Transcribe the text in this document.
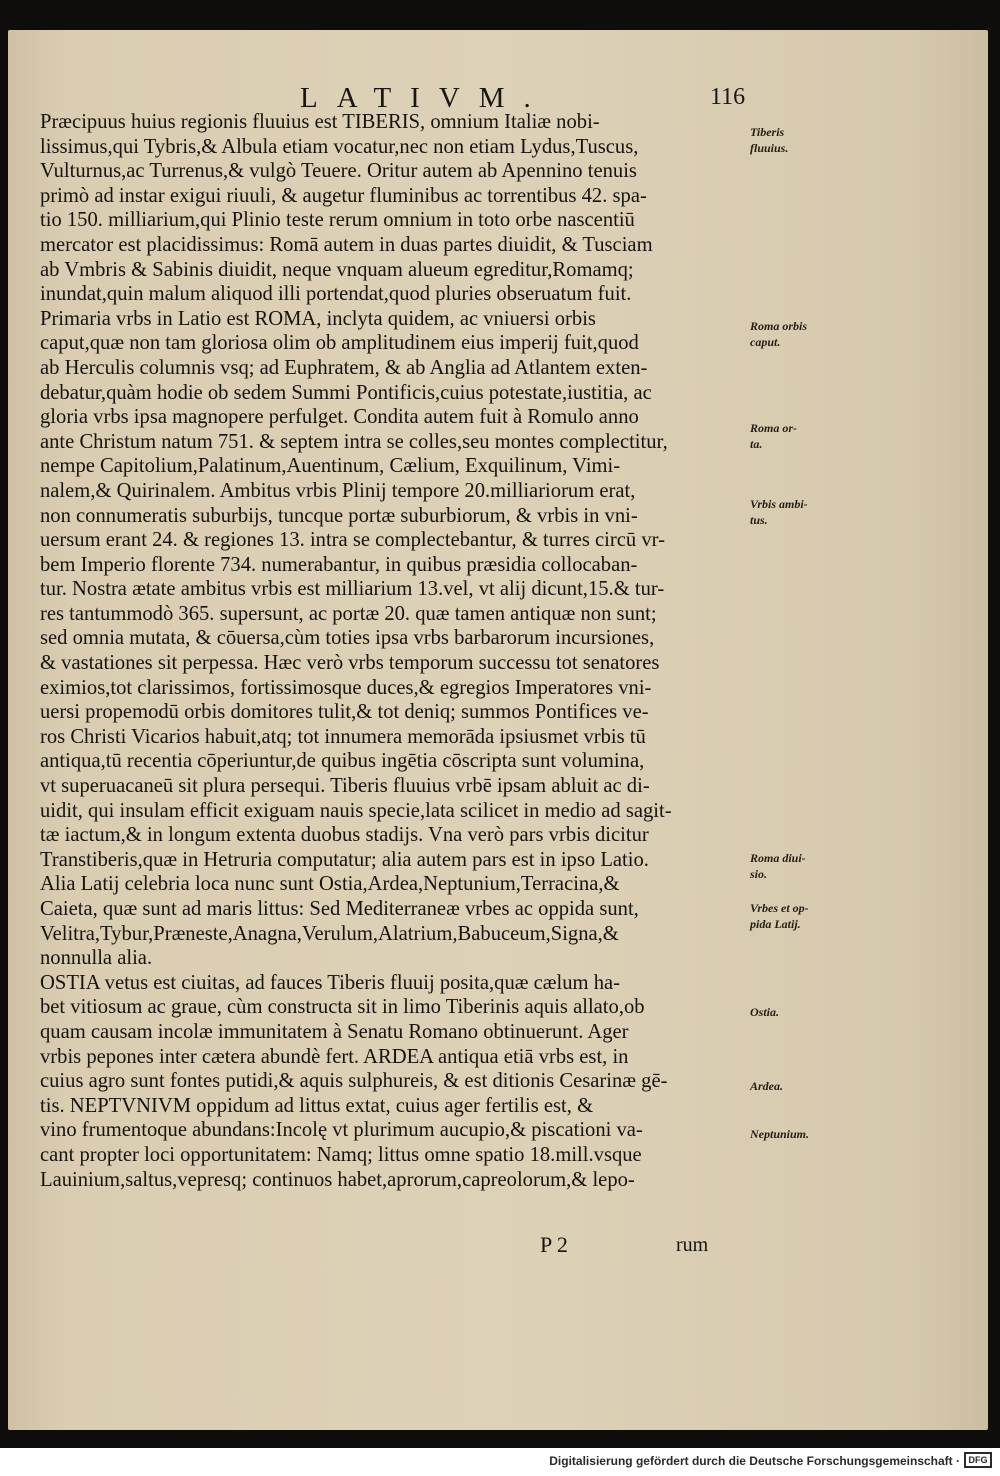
LATIVM.	116
Præcipuus huius regionis fluuius est TIBERIS, omnium Italiæ nobi-
lissimus,qui Tybris,& Albula etiam vocatur,nec non etiam Lydus,Tuscus,
Vulturnus,ac Turrenus,& vulgò Teuere. Oritur autem ab Apennino tenuis
primò ad instar exigui riuuli, & augetur fluminibus ac torrentibus 42. spa-
tio 150. milliarium,qui Plinio teste rerum omnium in toto orbe nascentiū
mercator est placidissimus: Romā autem in duas partes diuidit, & Tusciam
ab Vmbris & Sabinis diuidit, neque vnquam alueum egreditur,Romamq;
inundat,quin malum aliquod illi portendat,quod pluries obseruatum fuit.
Primaria vrbs in Latio est ROMA, inclyta quidem, ac vniuersi orbis
caput,quæ non tam gloriosa olim ob amplitudinem eius imperij fuit,quod
ab Herculis columnis vsq; ad Euphratem, & ab Anglia ad Atlantem exten-
debatur,quàm hodie ob sedem Summi Pontificis,cuius potestate,iustitia, ac
gloria vrbs ipsa magnopere perfulget. Condita autem fuit à Romulo anno
ante Christum natum 751. & septem intra se colles,seu montes complectitur,
nempe Capitolium,Palatinum,Auentinum, Cælium, Exquilinum, Vimi-
nalem,& Quirinalem. Ambitus vrbis Plinij tempore 20.milliariorum erat,
non connumeratis suburbijs, tuncque portæ suburbiorum, & vrbis in vni-
uersum erant 24. & regiones 13. intra se complectebantur, & turres circū vr-
bem Imperio florente 734. numerabantur, in quibus præsidia collocaban-
tur. Nostra ætate ambitus vrbis est milliarium 13.vel, vt alij dicunt,15.& tur-
res tantummodò 365. supersunt, ac portæ 20. quæ tamen antiquæ non sunt;
sed omnia mutata, & cōuersa,cùm toties ipsa vrbs barbarorum incursiones,
& vastationes sit perpessa. Hæc verò vrbs temporum successu tot senatores
eximios,tot clarissimos, fortissimosque duces,& egregios Imperatores vni-
uersi propemodū orbis domitores tulit,& tot deniq; summos Pontifices ve-
ros Christi Vicarios habuit,atq; tot innumera memorāda ipsiusmet vrbis tū
antiqua,tū recentia cōperiuntur,de quibus ingētia cōscripta sunt volumina,
vt superuacaneū sit plura persequi. Tiberis fluuius vrbē ipsam abluit ac di-
uidit, qui insulam efficit exiguam nauis specie,lata scilicet in medio ad sagit-
tæ iactum,& in longum extenta duobus stadijs. Vna verò pars vrbis dicitur
Transtiberis,quæ in Hetruria computatur; alia autem pars est in ipso Latio.
Alia Latij celebria loca nunc sunt Ostia,Ardea,Neptunium,Terracina,&
Caieta, quæ sunt ad maris littus: Sed Mediterraneæ vrbes ac oppida sunt,
Velitra,Tybur,Præneste,Anagna,Verulum,Alatrium,Babuceum,Signa,&
nonnulla alia.
OSTIA vetus est ciuitas, ad fauces Tiberis fluuij posita,quæ cælum ha-
bet vitiosum ac graue, cùm constructa sit in limo Tiberinis aquis allato,ob
quam causam incolæ immunitatem à Senatu Romano obtinuerunt. Ager
vrbis pepones inter cætera abundè fert. ARDEA antiqua etiā vrbs est, in
cuius agro sunt fontes putidi,& aquis sulphureis, & est ditionis Cesarinæ gē-
tis. NEPTVNIVM oppidum ad littus extat, cuius ager fertilis est, &
vino frumentoque abundans:Incolę vt plurimum aucupio,& piscationi va-
cant propter loci opportunitatem: Namq; littus omne spatio 18.mill.vsque
Lauinium,saltus,vepresq; continuos habet,aprorum,capreolorum,& lepo-
Tiberis
fluuius.
Roma orbis
caput.
Roma or-
ta.
Vrbis ambi-
tus.
Roma diui-
sio.
Vrbes et op-
pida Latij.
Ostia.
Ardea.
Neptunium.
P 2	rum
Digitalisierung gefördert durch die Deutsche Forschungsgemeinschaft · DFG
